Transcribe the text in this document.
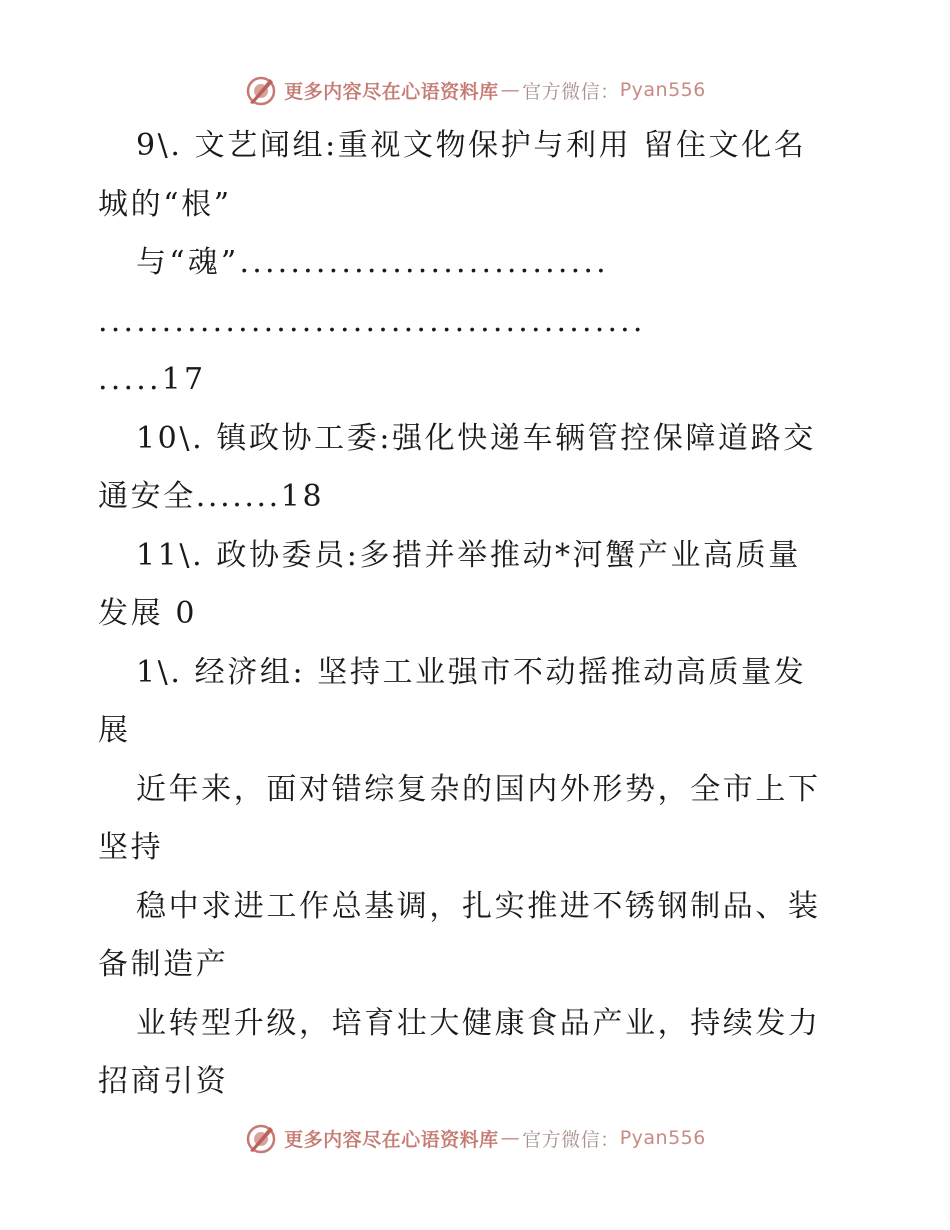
更多内容尽在心语资料库 — 官方微信： Pyan556
9\. 文艺闻组:重视文物保护与利用 留住文化名
城的“根”
与“魂”.............................
...........................................
.....17
10\. 镇政协工委:强化快递车辆管控保障道路交
通安全.......18
11\. 政协委员:多措并举推动*河蟹产业高质量
发展 0
1\. 经济组: 坚持工业强市不动摇推动高质量发
展
近年来，面对错综复杂的国内外形势，全市上下
坚持
稳中求进工作总基调，扎实推进不锈钢制品、装
备制造产
业转型升级，培育壮大健康食品产业，持续发力
招商引资
更多内容尽在心语资料库 — 官方微信： Pyan556
